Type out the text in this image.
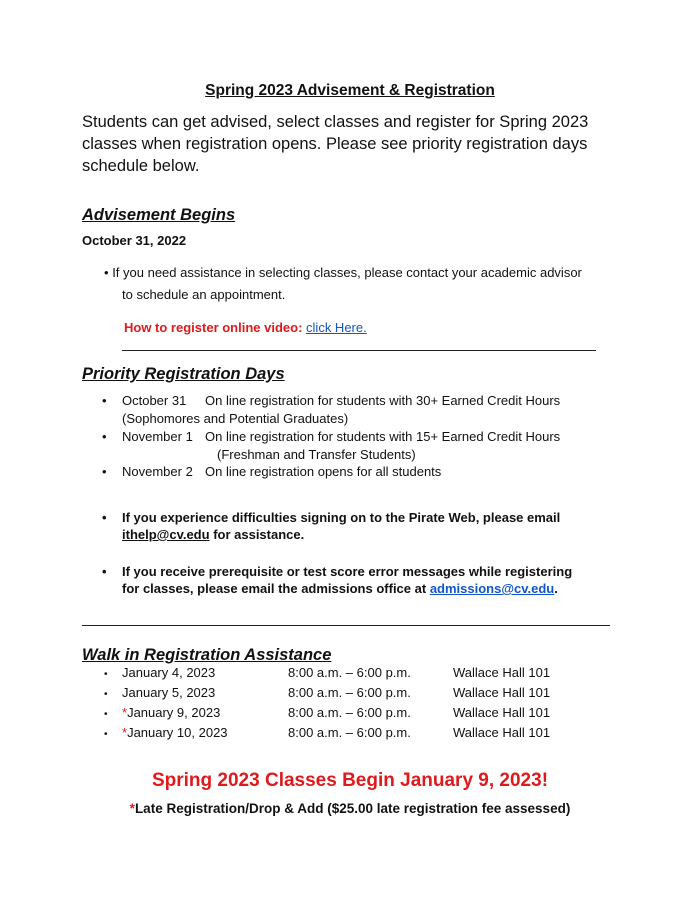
Spring 2023 Advisement & Registration
Students can get advised, select classes and register for Spring 2023 classes when registration opens. Please see priority registration days schedule below.
Advisement Begins
October 31, 2022
• If you need assistance in selecting classes, please contact your academic advisor
to schedule an appointment.
How to register online video: click Here.
Priority Registration Days
• October 31 On line registration for students with 30+ Earned Credit Hours
(Sophomores and Potential Graduates)
• November 1 On line registration for students with 15+ Earned Credit Hours
(Freshman and Transfer Students)
• November 2 On line registration opens for all students
• If you experience difficulties signing on to the Pirate Web, please email
ithelp@cv.edu for assistance.
• If you receive prerequisite or test score error messages while registering
for classes, please email the admissions office at admissions@cv.edu.
Walk in Registration Assistance
• January 4, 2023	8:00 a.m. – 6:00 p.m.	Wallace Hall 101
• January 5, 2023	8:00 a.m. – 6:00 p.m.	Wallace Hall 101
• *January 9, 2023	8:00 a.m. – 6:00 p.m.	Wallace Hall 101
• *January 10, 2023	8:00 a.m. – 6:00 p.m.	Wallace Hall 101
Spring 2023 Classes Begin January 9, 2023!
*Late Registration/Drop & Add ($25.00 late registration fee assessed)
